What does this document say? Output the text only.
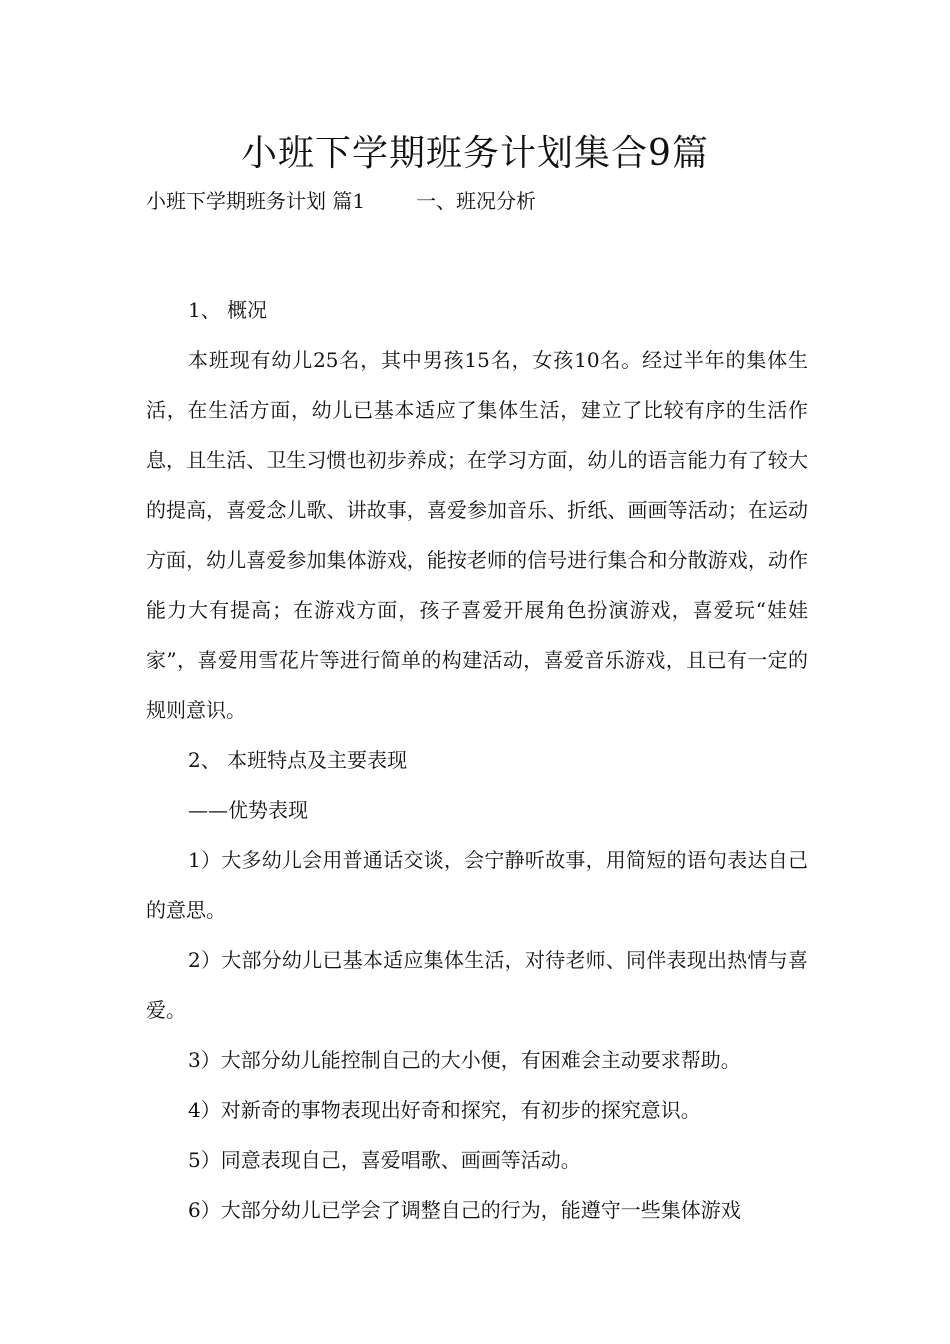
小班下学期班务计划集合9篇
小班下学期班务计划 篇1        一、班况分析

1、 概况

本班现有幼儿25名，其中男孩15名，女孩10名。经过半年的集体生活，在生活方面，幼儿已基本适应了集体生活，建立了比较有序的生活作息，且生活、卫生习惯也初步养成；在学习方面，幼儿的语言能力有了较大的提高，喜爱念儿歌、讲故事，喜爱参加音乐、折纸、画画等活动；在运动方面，幼儿喜爱参加集体游戏，能按老师的信号进行集合和分散游戏，动作能力大有提高；在游戏方面，孩子喜爱开展角色扮演游戏，喜爱玩“娃娃家”，喜爱用雪花片等进行简单的构建活动，喜爱音乐游戏，且已有一定的规则意识。

2、 本班特点及主要表现

——优势表现

1）大多幼儿会用普通话交谈，会宁静听故事，用简短的语句表达自己的意思。

2）大部分幼儿已基本适应集体生活，对待老师、同伴表现出热情与喜爱。

3）大部分幼儿能控制自己的大小便，有困难会主动要求帮助。

4）对新奇的事物表现出好奇和探究，有初步的探究意识。

5）同意表现自己，喜爱唱歌、画画等活动。

6）大部分幼儿已学会了调整自己的行为，能遵守一些集体游戏
